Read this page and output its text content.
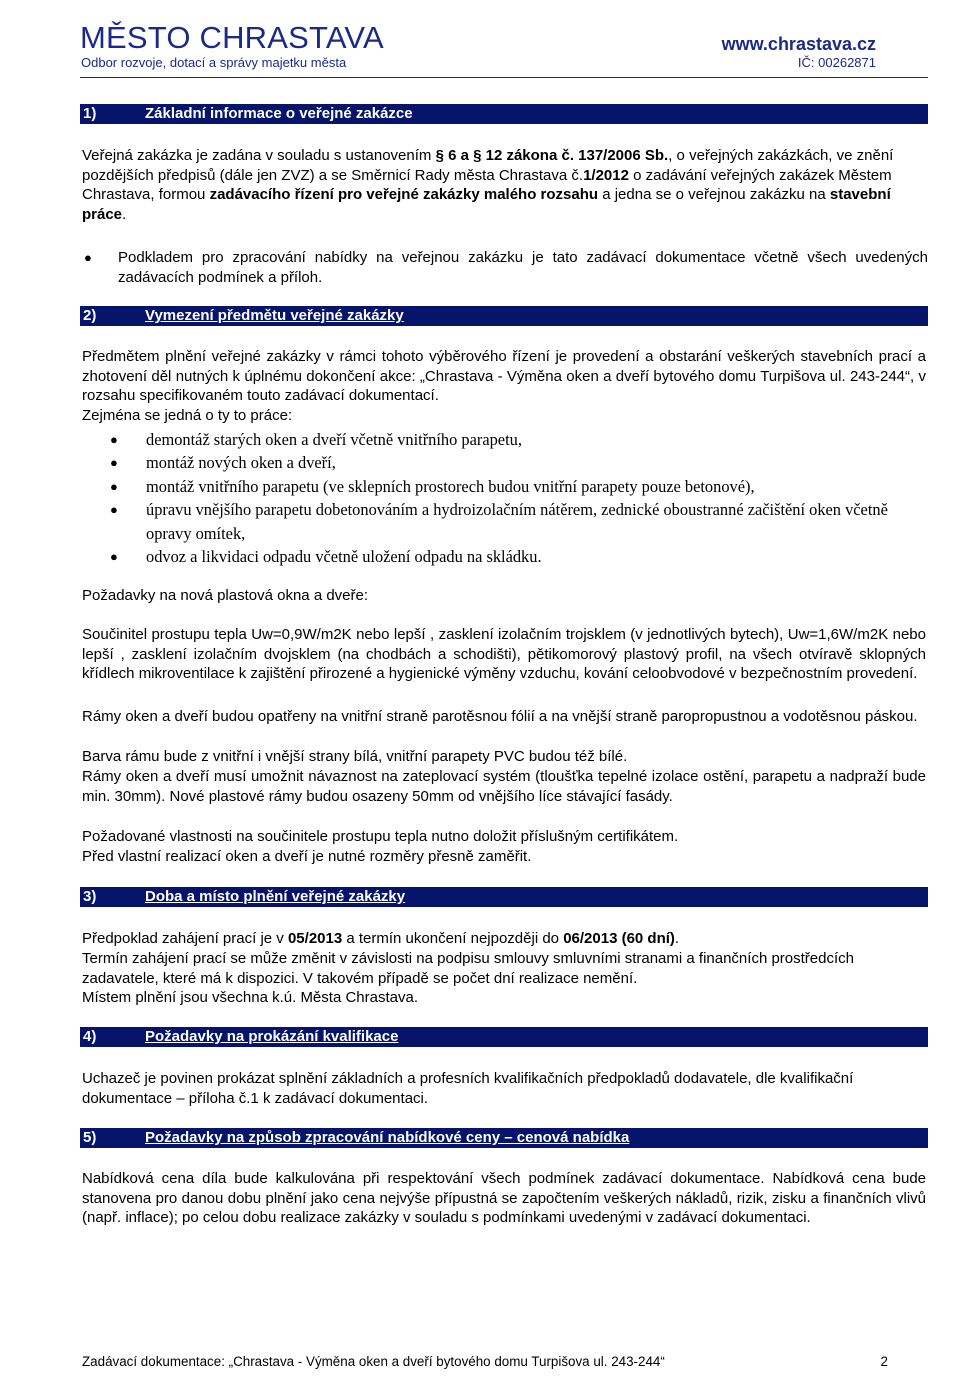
MĚSTO CHRASTAVA
Odbor rozvoje, dotací a správy majetku města
www.chrastava.cz
IČ: 00262871
1)	Základní informace o veřejné zakázce
Veřejná zakázka je zadána v souladu s ustanovením § 6 a § 12 zákona č. 137/2006 Sb., o veřejných zakázkách, ve znění pozdějších předpisů (dále jen ZVZ) a se Směrnicí Rady města Chrastava č.1/2012 o zadávání veřejných zakázek Městem Chrastava, formou zadávacího řízení pro veřejné zakázky malého rozsahu a jedna se o veřejnou zakázku na stavební práce.
● Podkladem pro zpracování nabídky na veřejnou zakázku je tato zadávací dokumentace včetně všech uvedených zadávacích podmínek a příloh.
2)	Vymezení předmětu veřejné zakázky
Předmětem plnění veřejné zakázky v rámci tohoto výběrového řízení je provedení a obstarání veškerých stavebních prací a zhotovení děl nutných k úplnému dokončení akce: „Chrastava - Výměna oken a dveří bytového domu Turpišova ul. 243-244“, v rozsahu specifikovaném touto zadávací dokumentací.
Zejména se jedná o ty to práce:
● demontáž starých oken a dveří včetně vnitřního parapetu,
● montáž nových oken a dveří,
● montáž vnitřního parapetu (ve sklepních prostorech budou vnitřní parapety pouze betonové),
● úpravu vnějšího parapetu dobetonováním a hydroizolačním nátěrem, zednické oboustranné začištění oken včetně opravy omítek,
● odvoz a likvidaci odpadu včetně uložení odpadu na skládku.
Požadavky na nová plastová okna a dveře:
Součinitel prostupu tepla Uw=0,9W/m2K nebo lepší , zasklení izolačním trojsklem (v jednotlivých bytech), Uw=1,6W/m2K nebo lepší , zasklení izolačním dvojsklem (na chodbách a schodišti), pětikomorový plastový profil, na všech otvíravě sklopných křídlech mikroventilace k zajištění přirozené a hygienické výměny vzduchu, kování celoobvodové v bezpečnostním provedení.
Rámy oken a dveří budou opatřeny na vnitřní straně parotěsnou fólií a na vnější straně paropropustnou a vodotěsnou páskou.
Barva rámu bude z vnitřní i vnější strany bílá, vnitřní parapety PVC budou též bílé.
Rámy oken a dveří musí umožnit návaznost na zateplovací systém (tloušťka tepelné izolace ostění, parapetu a nadpraží bude min. 30mm). Nové plastové rámy budou osazeny 50mm od vnějšího líce stávající fasády.
Požadované vlastnosti na součinitele prostupu tepla nutno doložit příslušným certifikátem.
Před vlastní realizací oken a dveří je nutné rozměry přesně zaměřit.
3)	Doba a místo plnění veřejné zakázky
Předpoklad zahájení prací je v 05/2013 a termín ukončení nejpozději do 06/2013 (60 dní).
Termín zahájení prací se může změnit v závislosti na podpisu smlouvy smluvními stranami a finančních prostředcích zadavatele, které má k dispozici. V takovém případě se počet dní realizace nemění.
Místem plnění jsou všechna k.ú. Města Chrastava.
4)	Požadavky na prokázání kvalifikace
Uchazeč je povinen prokázat splnění základních a profesních kvalifikačních předpokladů dodavatele, dle kvalifikační dokumentace – příloha č.1 k zadávací dokumentaci.
5)	Požadavky na způsob zpracování nabídkové ceny – cenová nabídka
Nabídková cena díla bude kalkulována při respektování všech podmínek zadávací dokumentace. Nabídková cena bude stanovena pro danou dobu plnění jako cena nejvýše přípustná se započtením veškerých nákladů, rizik, zisku a finančních vlivů (např. inflace); po celou dobu realizace zakázky v souladu s podmínkami uvedenými v zadávací dokumentaci.
Zadávací dokumentace: „Chrastava - Výměna oken a dveří bytového domu Turpišova ul. 243-244“	2
